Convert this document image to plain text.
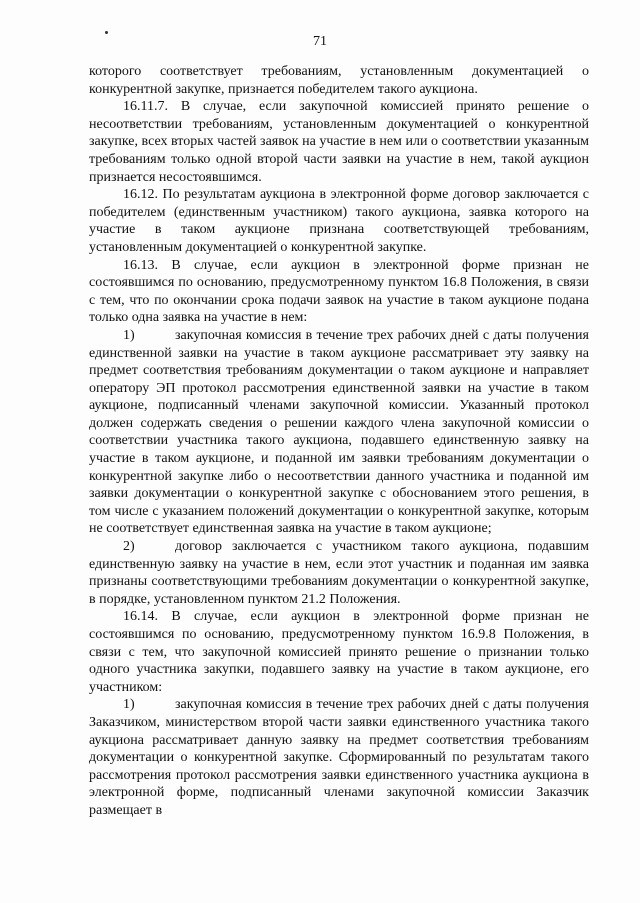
71

которого соответствует требованиям, установленным документацией о конкурентной закупке, признается победителем такого аукциона.

16.11.7. В случае, если закупочной комиссией принято решение о несоответствии требованиям, установленным документацией о конкурентной закупке, всех вторых частей заявок на участие в нем или о соответствии указанным требованиям только одной второй части заявки на участие в нем, такой аукцион признается несостоявшимся.

16.12. По результатам аукциона в электронной форме договор заключается с победителем (единственным участником) такого аукциона, заявка которого на участие в таком аукционе признана соответствующей требованиям, установленным документацией о конкурентной закупке.

16.13. В случае, если аукцион в электронной форме признан не состоявшимся по основанию, предусмотренному пунктом 16.8 Положения, в связи с тем, что по окончании срока подачи заявок на участие в таком аукционе подана только одна заявка на участие в нем:

1)	закупочная комиссия в течение трех рабочих дней с даты получения единственной заявки на участие в таком аукционе рассматривает эту заявку на предмет соответствия требованиям документации о таком аукционе и направляет оператору ЭП протокол рассмотрения единственной заявки на участие в таком аукционе, подписанный членами закупочной комиссии. Указанный протокол должен содержать сведения о решении каждого члена закупочной комиссии о соответствии участника такого аукциона, подавшего единственную заявку на участие в таком аукционе, и поданной им заявки требованиям документации о конкурентной закупке либо о несоответствии данного участника и поданной им заявки документации о конкурентной закупке с обоснованием этого решения, в том числе с указанием положений документации о конкурентной закупке, которым не соответствует единственная заявка на участие в таком аукционе;

2)	договор заключается с участником такого аукциона, подавшим единственную заявку на участие в нем, если этот участник и поданная им заявка признаны соответствующими требованиям документации о конкурентной закупке, в порядке, установленном пунктом 21.2 Положения.

16.14. В случае, если аукцион в электронной форме признан не состоявшимся по основанию, предусмотренному пунктом 16.9.8 Положения, в связи с тем, что закупочной комиссией принято решение о признании только одного участника закупки, подавшего заявку на участие в таком аукционе, его участником:

1)	закупочная комиссия в течение трех рабочих дней с даты получения Заказчиком, министерством второй части заявки единственного участника такого аукциона рассматривает данную заявку на предмет соответствия требованиям документации о конкурентной закупке. Сформированный по результатам такого рассмотрения протокол рассмотрения заявки единственного участника аукциона в электронной форме, подписанный членами закупочной комиссии Заказчик размещает в
